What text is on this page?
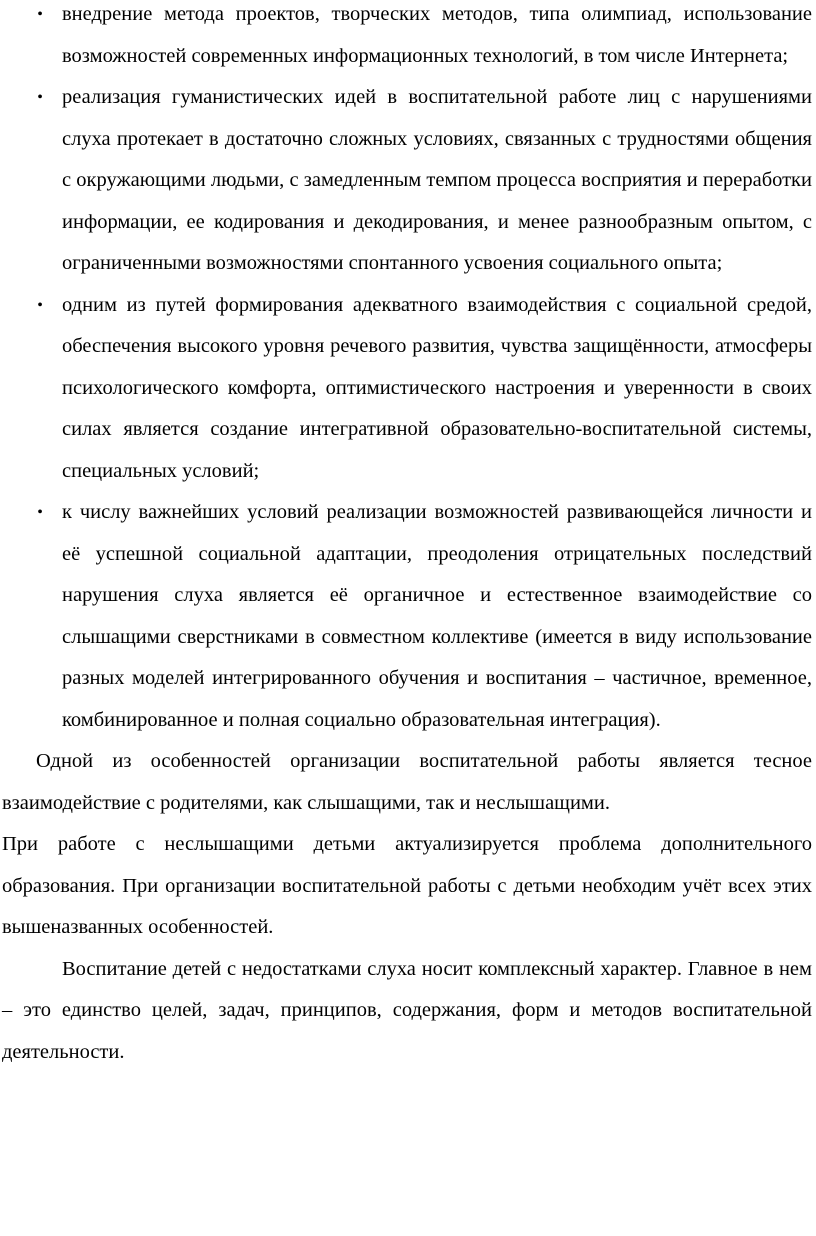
• внедрение метода проектов, творческих методов, типа олимпиад, использование возможностей современных информационных технологий, в том числе Интернета;
• реализация гуманистических идей в воспитательной работе лиц с нарушениями слуха протекает в достаточно сложных условиях, связанных с трудностями общения с окружающими людьми, с замедленным темпом процесса восприятия и переработки информации, ее кодирования и декодирования, и менее разнообразным опытом, с ограниченными возможностями спонтанного усвоения социального опыта;
• одним из путей формирования адекватного взаимодействия с социальной средой, обеспечения высокого уровня речевого развития, чувства защищённости, атмосферы психологического комфорта, оптимистического настроения и уверенности в своих силах является создание интегративной образовательно-воспитательной системы, специальных условий;
• к числу важнейших условий реализации возможностей развивающейся личности и её успешной социальной адаптации, преодоления отрицательных последствий нарушения слуха является её органичное и естественное взаимодействие со слышащими сверстниками в совместном коллективе (имеется в виду использование разных моделей интегрированного обучения и воспитания – частичное, временное, комбинированное и полная социально образовательная интеграция).

Одной из особенностей организации воспитательной работы является тесное взаимодействие с родителями, как слышащими, так и неслышащими.

При работе с неслышащими детьми актуализируется проблема дополнительного образования. При организации воспитательной работы с детьми необходим учёт всех этих вышеназванных особенностей.

Воспитание детей с недостатками слуха носит комплексный характер. Главное в нем – это единство целей, задач, принципов, содержания, форм и методов воспитательной деятельности.
